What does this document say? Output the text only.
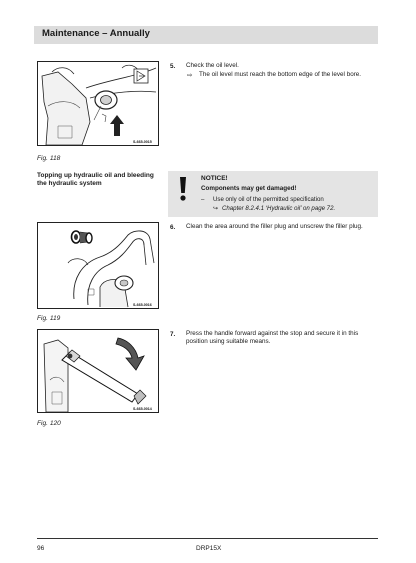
Maintenance – Annually
S-665-0015
Fig. 118
5. Check the oil level.
⇨ The oil level must reach the bottom edge of the level bore.
Topping up hydraulic oil and bleeding the hydraulic system
NOTICE!
Components may get damaged!
– Use only oil of the permitted specification
↪ Chapter 8.2.4.1 ‘Hydraulic oil’ on page 72.
S-665-0016
Fig. 119
6. Clean the area around the filler plug and unscrew the filler plug.
S-665-0014
Fig. 120
7. Press the handle forward against the stop and secure it in this position using suitable means.
96	DRP15X
